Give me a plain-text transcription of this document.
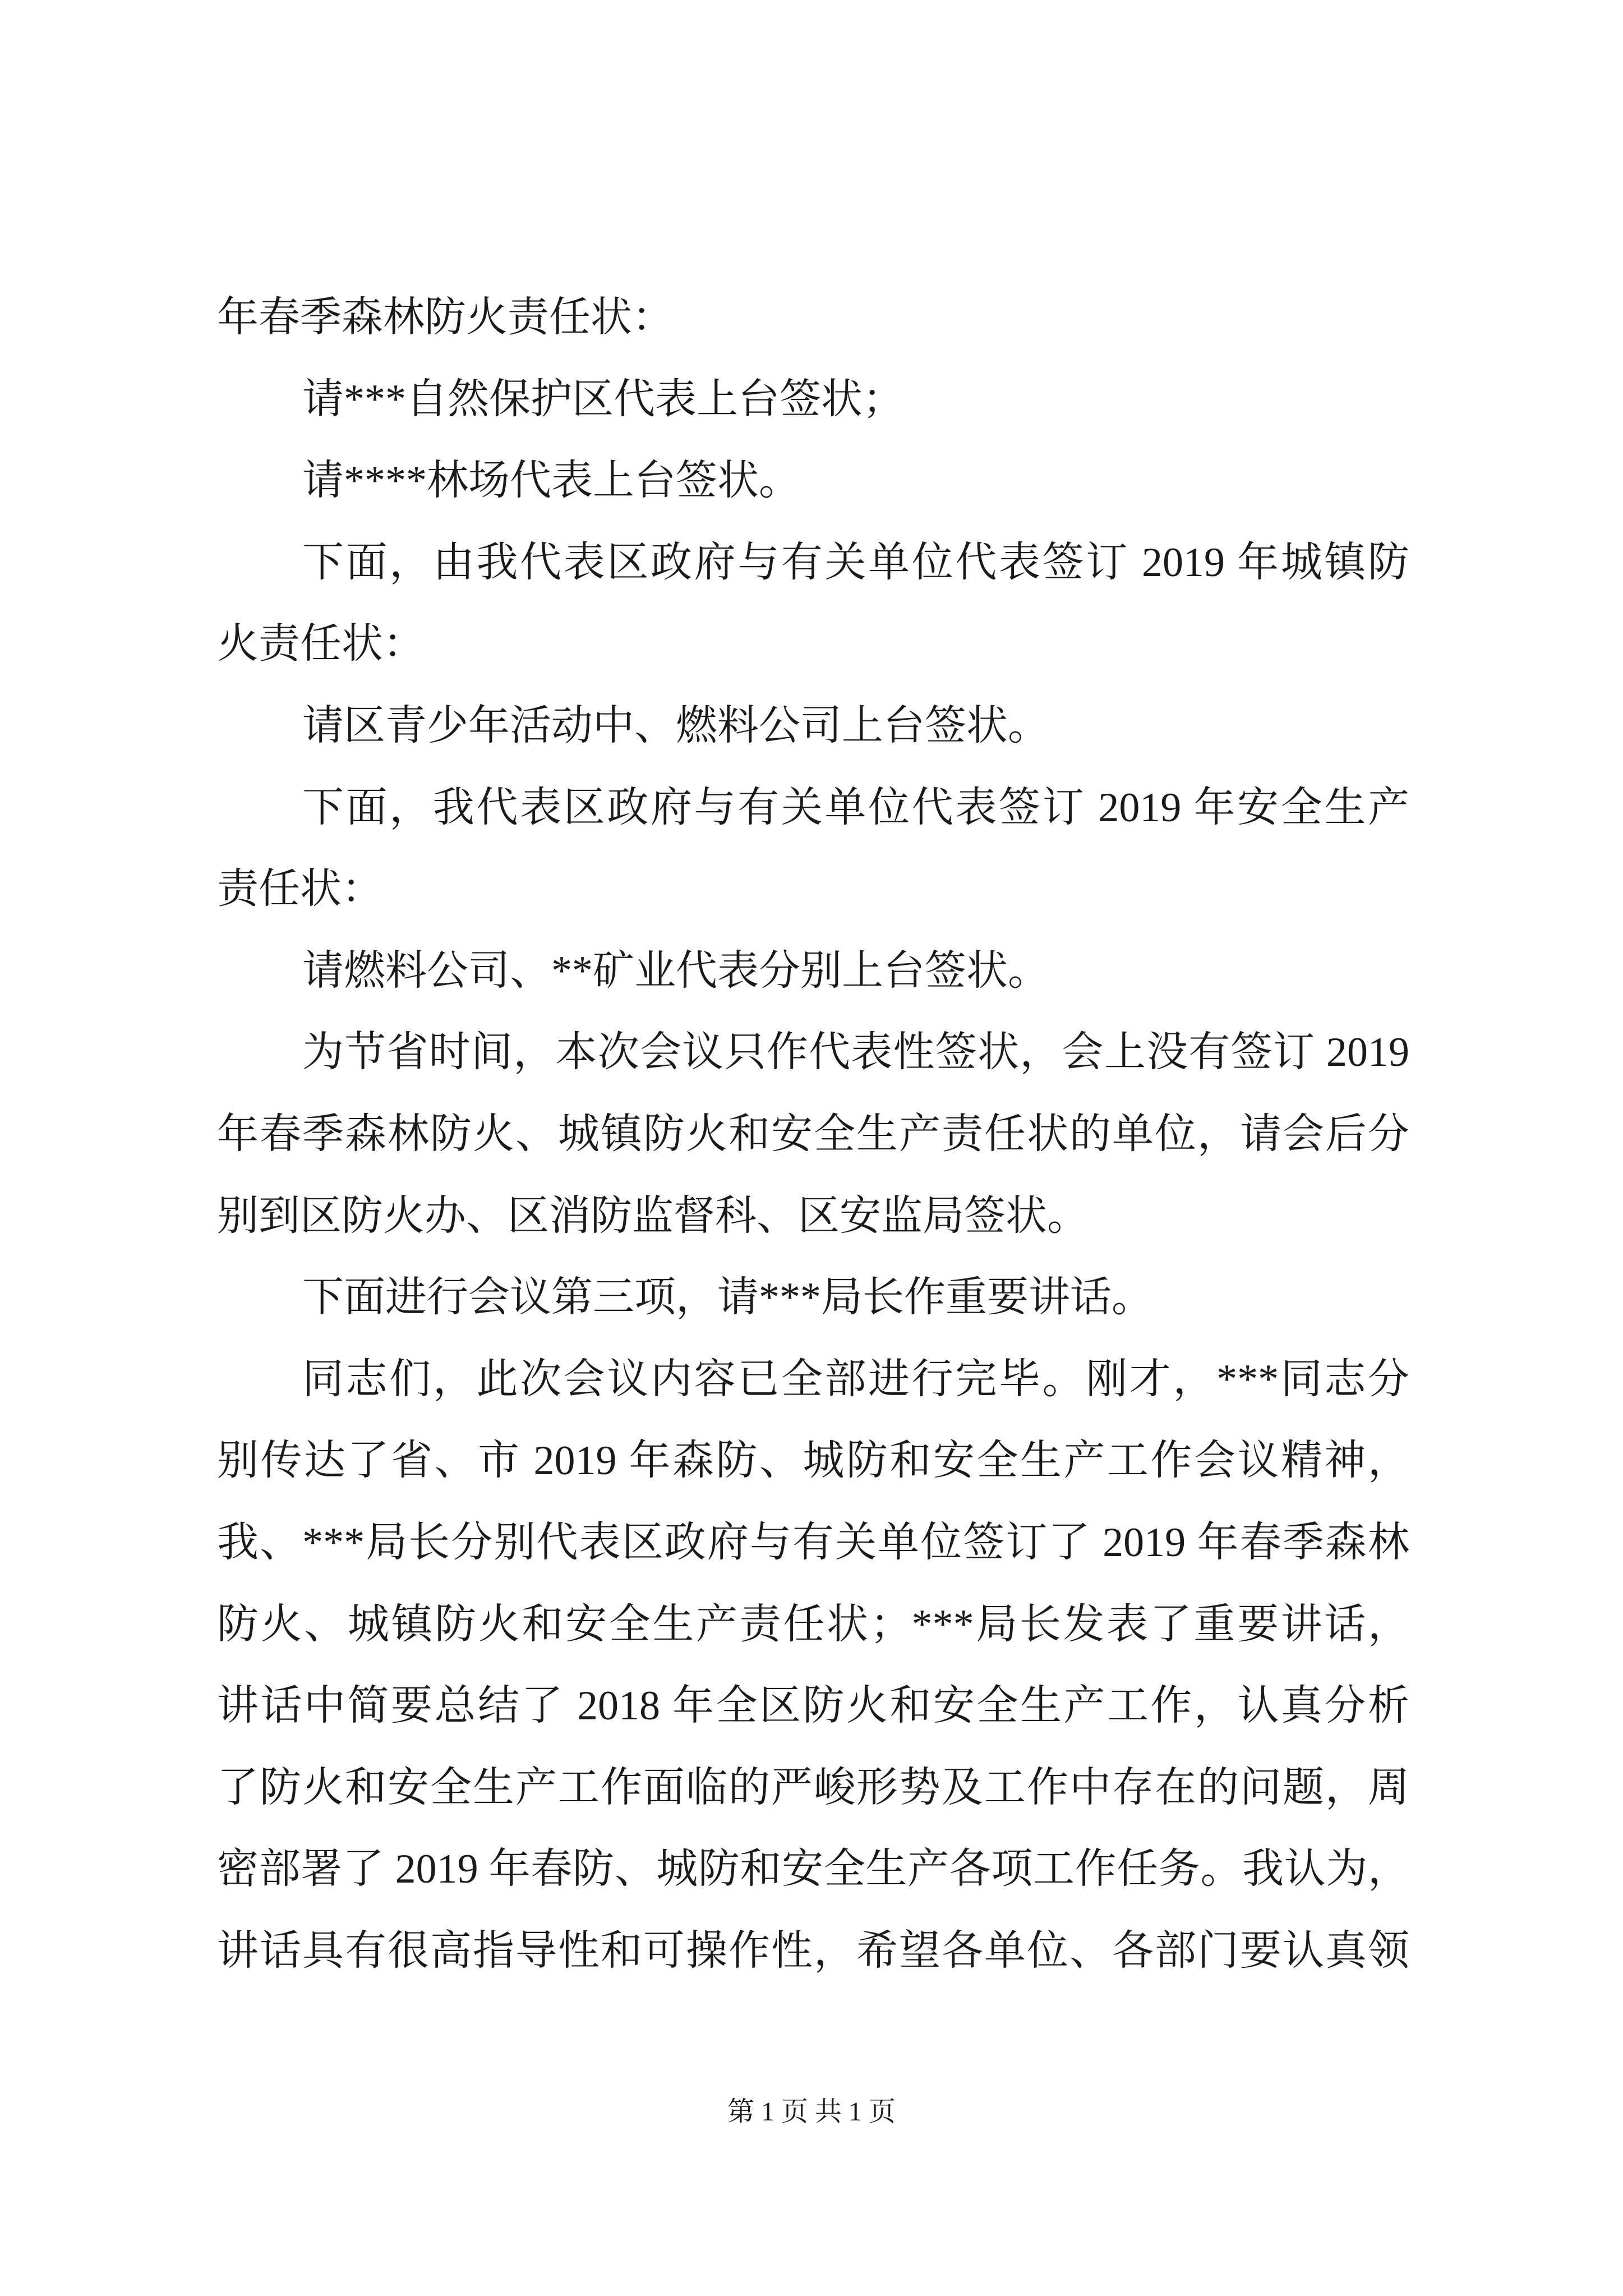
年春季森林防火责任状：
请***自然保护区代表上台签状；
请****林场代表上台签状。
下面，由我代表区政府与有关单位代表签订 2019 年城镇防
火责任状：
请区青少年活动中、燃料公司上台签状。
下面，我代表区政府与有关单位代表签订 2019 年安全生产
责任状：
请燃料公司、**矿业代表分别上台签状。
为节省时间，本次会议只作代表性签状，会上没有签订 2019
年春季森林防火、城镇防火和安全生产责任状的单位，请会后分
别到区防火办、区消防监督科、区安监局签状。
下面进行会议第三项，请***局长作重要讲话。
同志们，此次会议内容已全部进行完毕。刚才，***同志分
别传达了省、市 2019 年森防、城防和安全生产工作会议精神，
我、***局长分别代表区政府与有关单位签订了 2019 年春季森林
防火、城镇防火和安全生产责任状；***局长发表了重要讲话，
讲话中简要总结了 2018 年全区防火和安全生产工作，认真分析
了防火和安全生产工作面临的严峻形势及工作中存在的问题，周
密部署了 2019 年春防、城防和安全生产各项工作任务。我认为，
讲话具有很高指导性和可操作性，希望各单位、各部门要认真领
第 1 页 共 1 页
